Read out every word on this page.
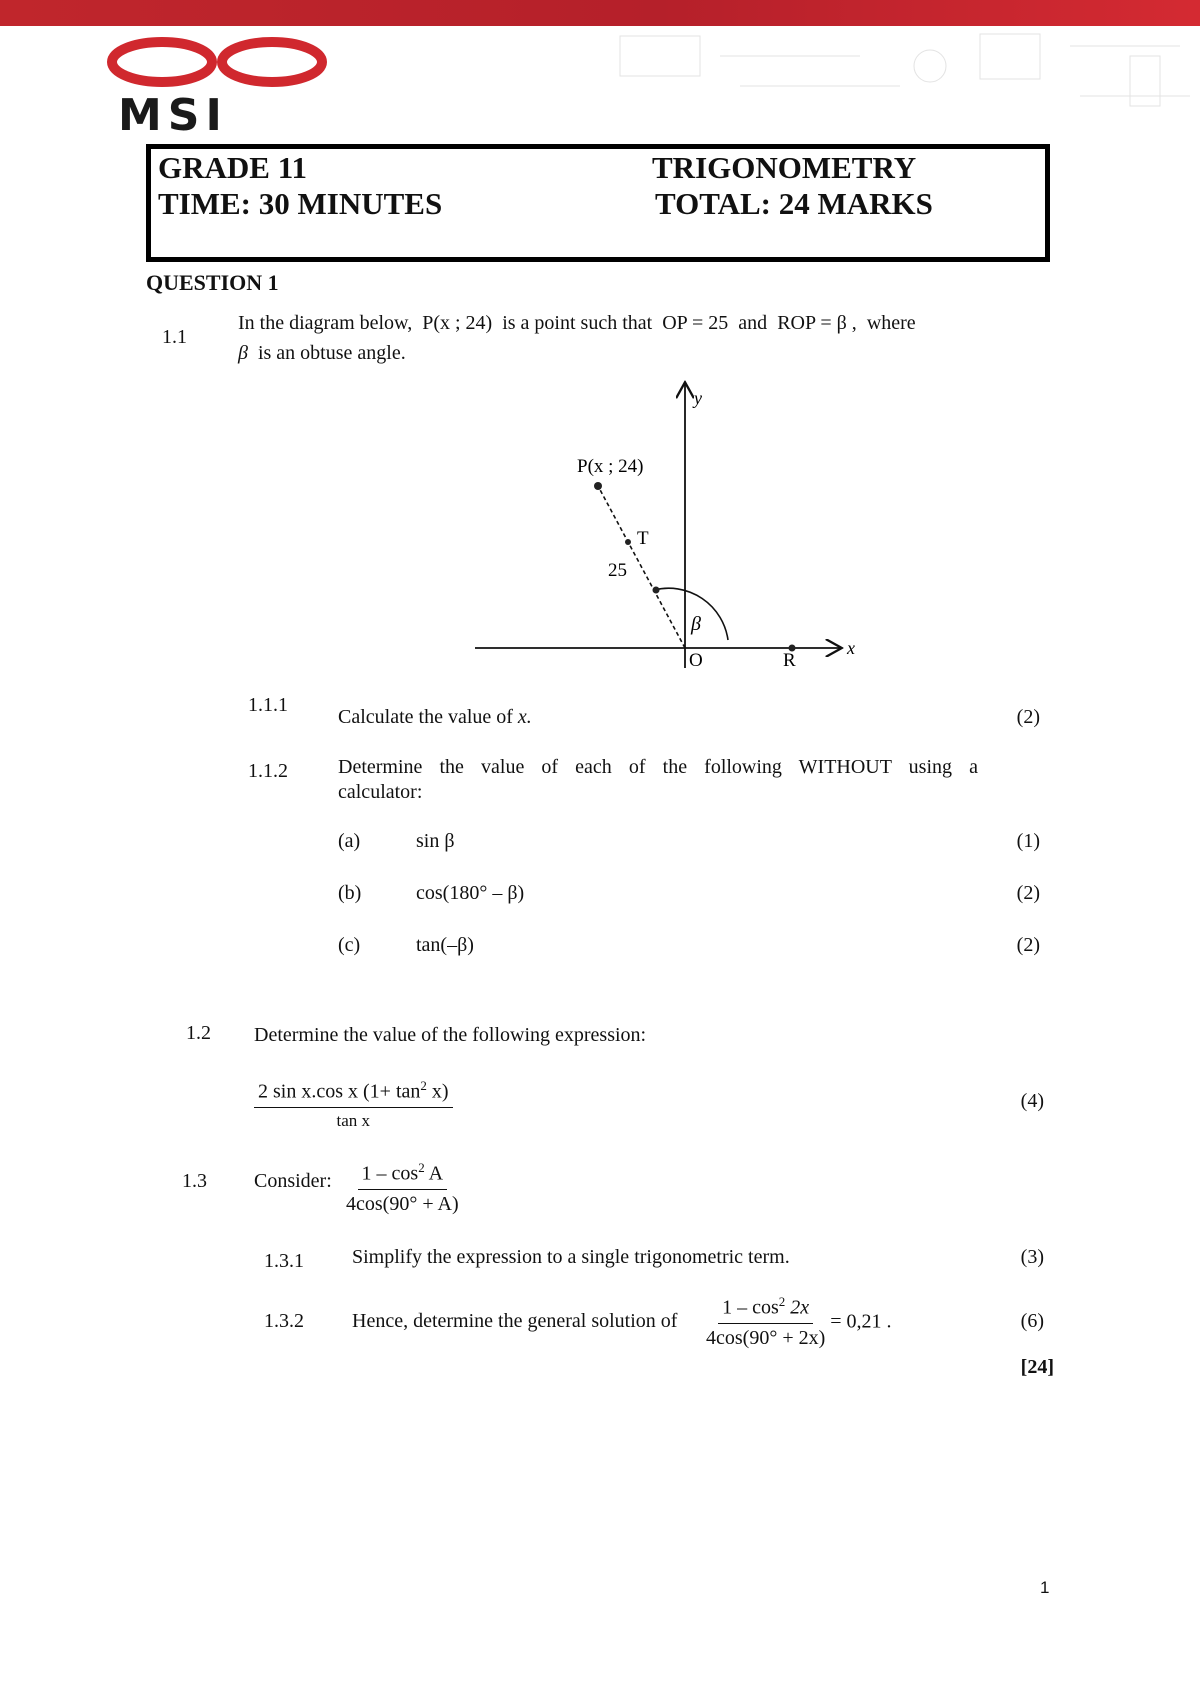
√x
MSI
GRADE 11	TRIGONOMETRY
TIME: 30 MINUTES	TOTAL: 24 MARKS
QUESTION 1
1.1
In the diagram below, P(x ; 24) is a point such that OP = 25 and ROP = β , where
β is an obtuse angle.
y
x
P(x ; 24)
T
25
β
O	R
1.1.1
Calculate the value of x.	(2)
1.1.2	Determine the value of each of the following WITHOUT using a
calculator:
(a)	sin β	(1)
(b)	cos(180° – β)	(2)
(c)	tan(–β)	(2)
1.2 Determine the value of the following expression:
$\frac{2 \sin x.\cos x (1+ \tan^2 x)}{\text{tan x}}$	(4)
1.3 Consider: $\frac{1 - \cos^2 A}{4\cos(90^\circ + A)}$
1.3.1 Simplify the expression to a single trigonometric term.	(3)
1.3.2 Hence, determine the general solution of $\frac{1 - \cos^2 2x}{4\cos(90^\circ + 2x)} = 0,21$ .	(6)
[24]
1
